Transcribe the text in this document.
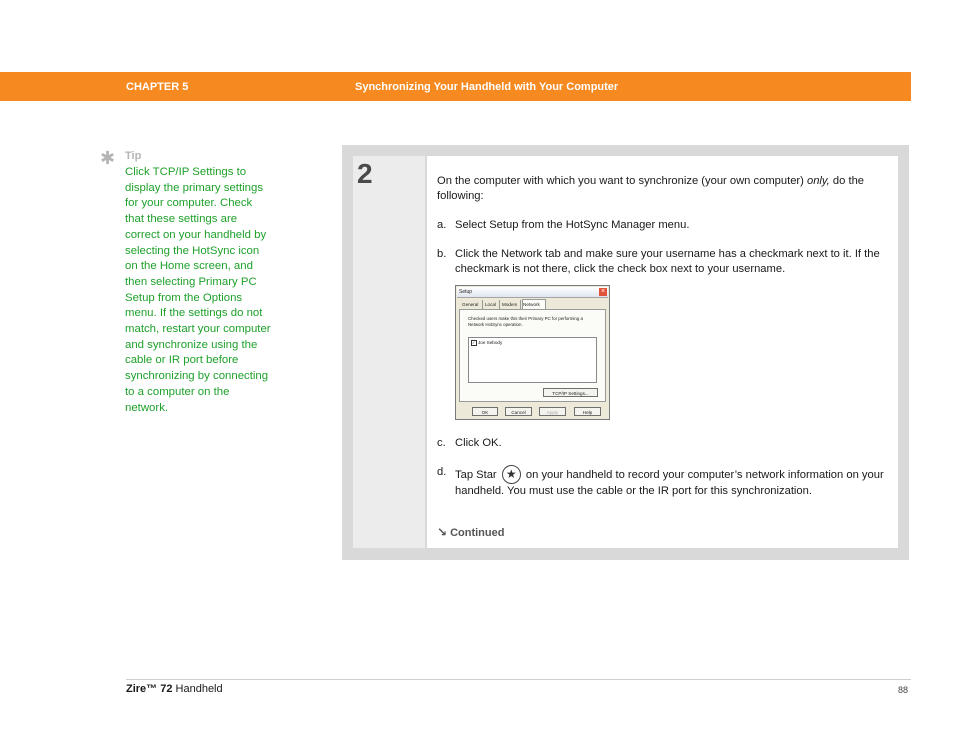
CHAPTER 5	Synchronizing Your Handheld with Your Computer
✱ Tip
Click TCP/IP Settings to display the primary settings for your computer. Check that these settings are correct on your handheld by selecting the HotSync icon on the Home screen, and then selecting Primary PC Setup from the Options menu. If the settings do not match, restart your computer and synchronize using the cable or IR port before synchronizing by connecting to a computer on the network.
2	On the computer with which you want to synchronize (your own computer) only, do the following:
a. Select Setup from the HotSync Manager menu.
b. Click the Network tab and make sure your username has a checkmark next to it. If the checkmark is not there, click the check box next to your username.
Setup	×
General	Local	Modem	Network
Checked users make this their Primary PC for performing a Network HotSync operation.
✓ Joe Sebody
TCP/IP Settings...
OK	Cancel	Apply	Help
c. Click OK.
d. Tap Star ★ on your handheld to record your computer’s network information on your handheld. You must use the cable or the IR port for this synchronization.
↘ Continued
Zire™ 72 Handheld	88
